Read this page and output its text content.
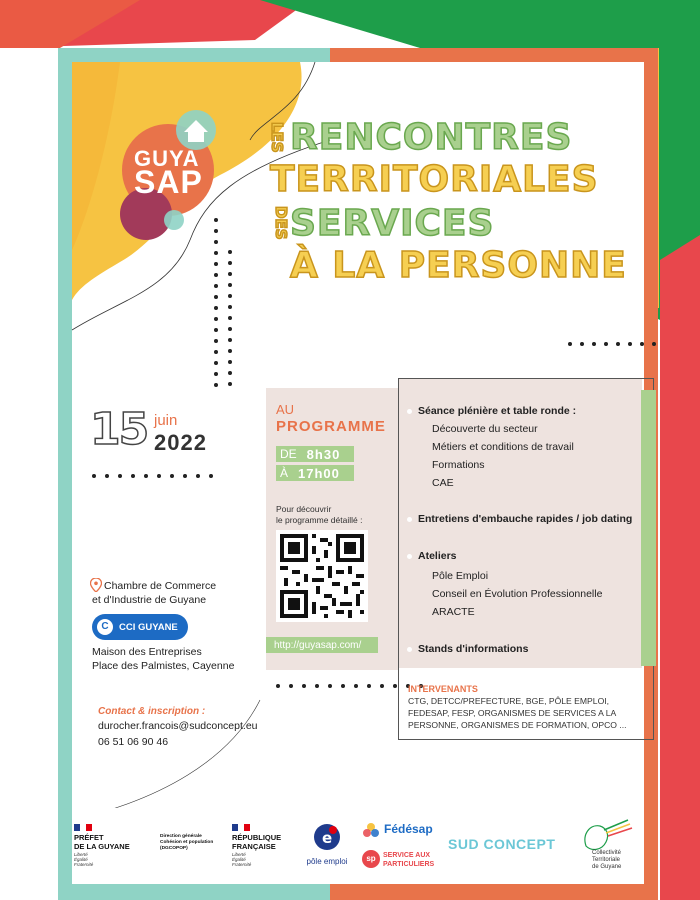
GUYA
SAP
LES RENCONTRES
TERRITORIALES
DES SERVICES
À LA PERSONNE
15 juin
2022
Chambre de Commerce
et d'Industrie de Guyane
C	CCI GUYANE
Maison des Entreprises
Place des Palmistes, Cayenne
Contact & inscription :
durocher.francois@sudconcept.eu
06 51 06 90 46
AU
PROGRAMME
DE 8h30
À 17h00
Pour découvrir
le programme détaillé :
http://guyasap.com/
Séance plénière et table ronde :
Découverte du secteur
Métiers et conditions de travail
Formations
CAE
Entretiens d'embauche rapides / job dating
Ateliers
Pôle Emploi
Conseil en Évolution Professionnelle
ARACTE
Stands d'informations
INTERVENANTS
CTG, DETCC/PREFECTURE, BGE, PÔLE EMPLOI,
FEDESAP, FESP, ORGANISMES DE SERVICES A LA
PERSONNE, ORGANISMES DE FORMATION, OPCO ...
PRÉFET
DE LA GUYANE
Liberté
Égalité
Fraternité
Direction générale
Cohésion et population
(DGCOPOP)
RÉPUBLIQUE
FRANÇAISE
Liberté
Égalité
Fraternité
e
pôle emploi
Fédésap
sp	SERVICE AUX
PARTICULIERS
SUD CONCEPT
Collectivité
Territoriale
de Guyane
